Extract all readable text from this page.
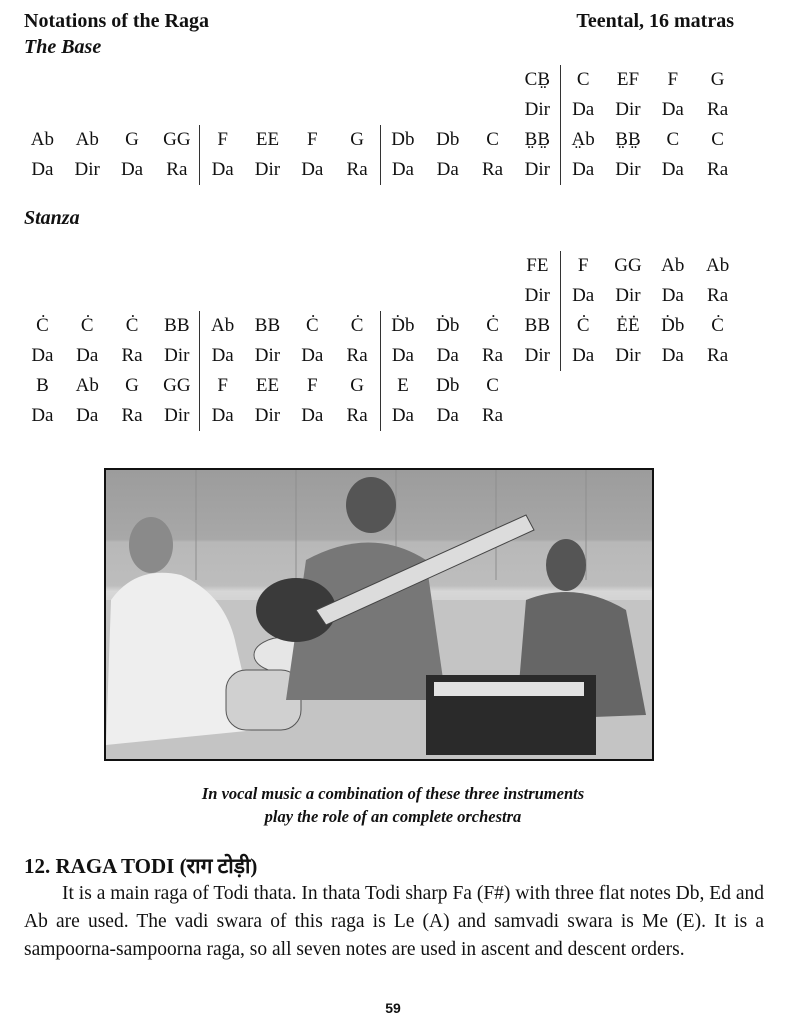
Notations of the Raga	Teental, 16 matras
The Base
CB̤	C	EF	F	G
Dir	Da	Dir	Da	Ra
Ab	Ab	G	GG	F	EE	F	G	Db	Db	C	B̤B̤	A̤b	B̤B̤	C	C
Da	Dir	Da	Ra	Da	Dir	Da	Ra	Da	Da	Ra	Dir	Da	Dir	Da	Ra
Stanza
FE	F	GG	Ab	Ab
Dir	Da	Dir	Da	Ra
Ċ	Ċ	Ċ	BB	Ab	BB	Ċ	Ċ	Ḋb	Ḋb	Ċ	BB	Ċ	ĖĖ	Ḋb	Ċ
Da	Da	Ra	Dir	Da	Dir	Da	Ra	Da	Da	Ra	Dir	Da	Dir	Da	Ra
B	Ab	G	GG	F	EE	F	G	E	Db	C
Da	Da	Ra	Dir	Da	Dir	Da	Ra	Da	Da	Ra
In vocal music a combination of these three instruments
play the role of an complete orchestra
12. RAGA TODI (राग टोड़ी)
It is a main raga of Todi thata. In thata Todi sharp Fa (F#) with three flat notes Db, Ed and Ab are used. The vadi swara of this raga is Le (A) and samvadi swara is Me (E). It is a sampoorna-sampoorna raga, so all seven notes are used in ascent and descent orders.
59
